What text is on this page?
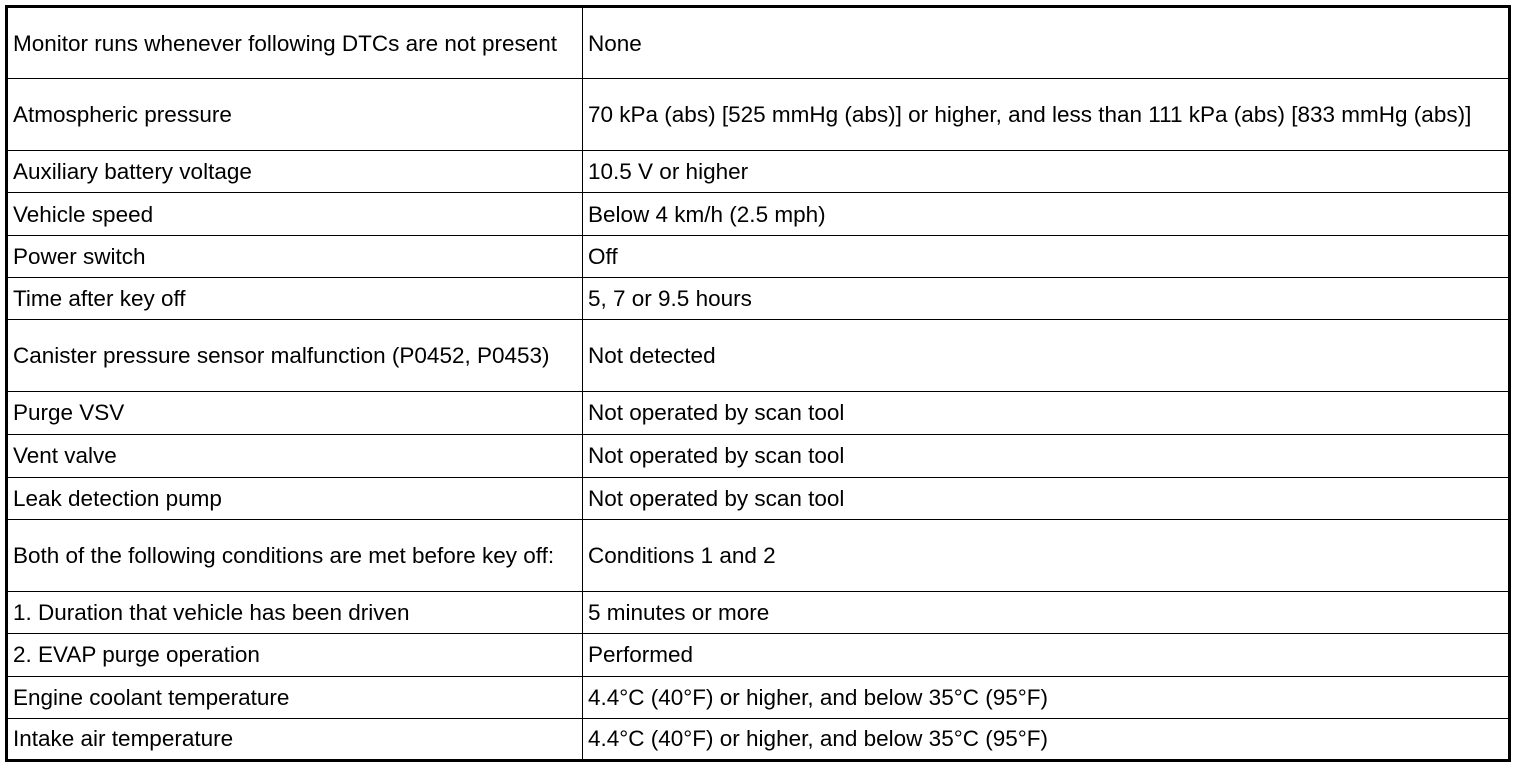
Monitor runs whenever following DTCs are not present	None
Atmospheric pressure	70 kPa (abs) [525 mmHg (abs)] or higher, and less than 111 kPa (abs) [833 mmHg (abs)]
Auxiliary battery voltage	10.5 V or higher
Vehicle speed	Below 4 km/h (2.5 mph)
Power switch	Off
Time after key off	5, 7 or 9.5 hours
Canister pressure sensor malfunction (P0452, P0453)	Not detected
Purge VSV	Not operated by scan tool
Vent valve	Not operated by scan tool
Leak detection pump	Not operated by scan tool
Both of the following conditions are met before key off:	Conditions 1 and 2
1. Duration that vehicle has been driven	5 minutes or more
2. EVAP purge operation	Performed
Engine coolant temperature	4.4°C (40°F) or higher, and below 35°C (95°F)
Intake air temperature	4.4°C (40°F) or higher, and below 35°C (95°F)
